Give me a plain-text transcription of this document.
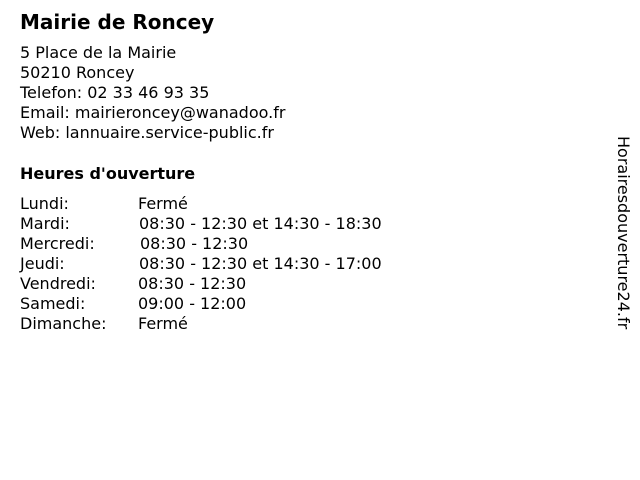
Mairie de Roncey
5 Place de la Mairie
50210 Roncey
Telefon: 02 33 46 93 35
Email: mairieroncey@wanadoo.fr
Web: lannuaire.service-public.fr
Heures d'ouverture
Lundi:	Fermé
Mardi:	08:30 - 12:30 et 14:30 - 18:30
Mercredi:	08:30 - 12:30
Jeudi:	08:30 - 12:30 et 14:30 - 17:00
Vendredi:	08:30 - 12:30
Samedi:	09:00 - 12:00
Dimanche: Fermé	Horairesdouverture24.fr
